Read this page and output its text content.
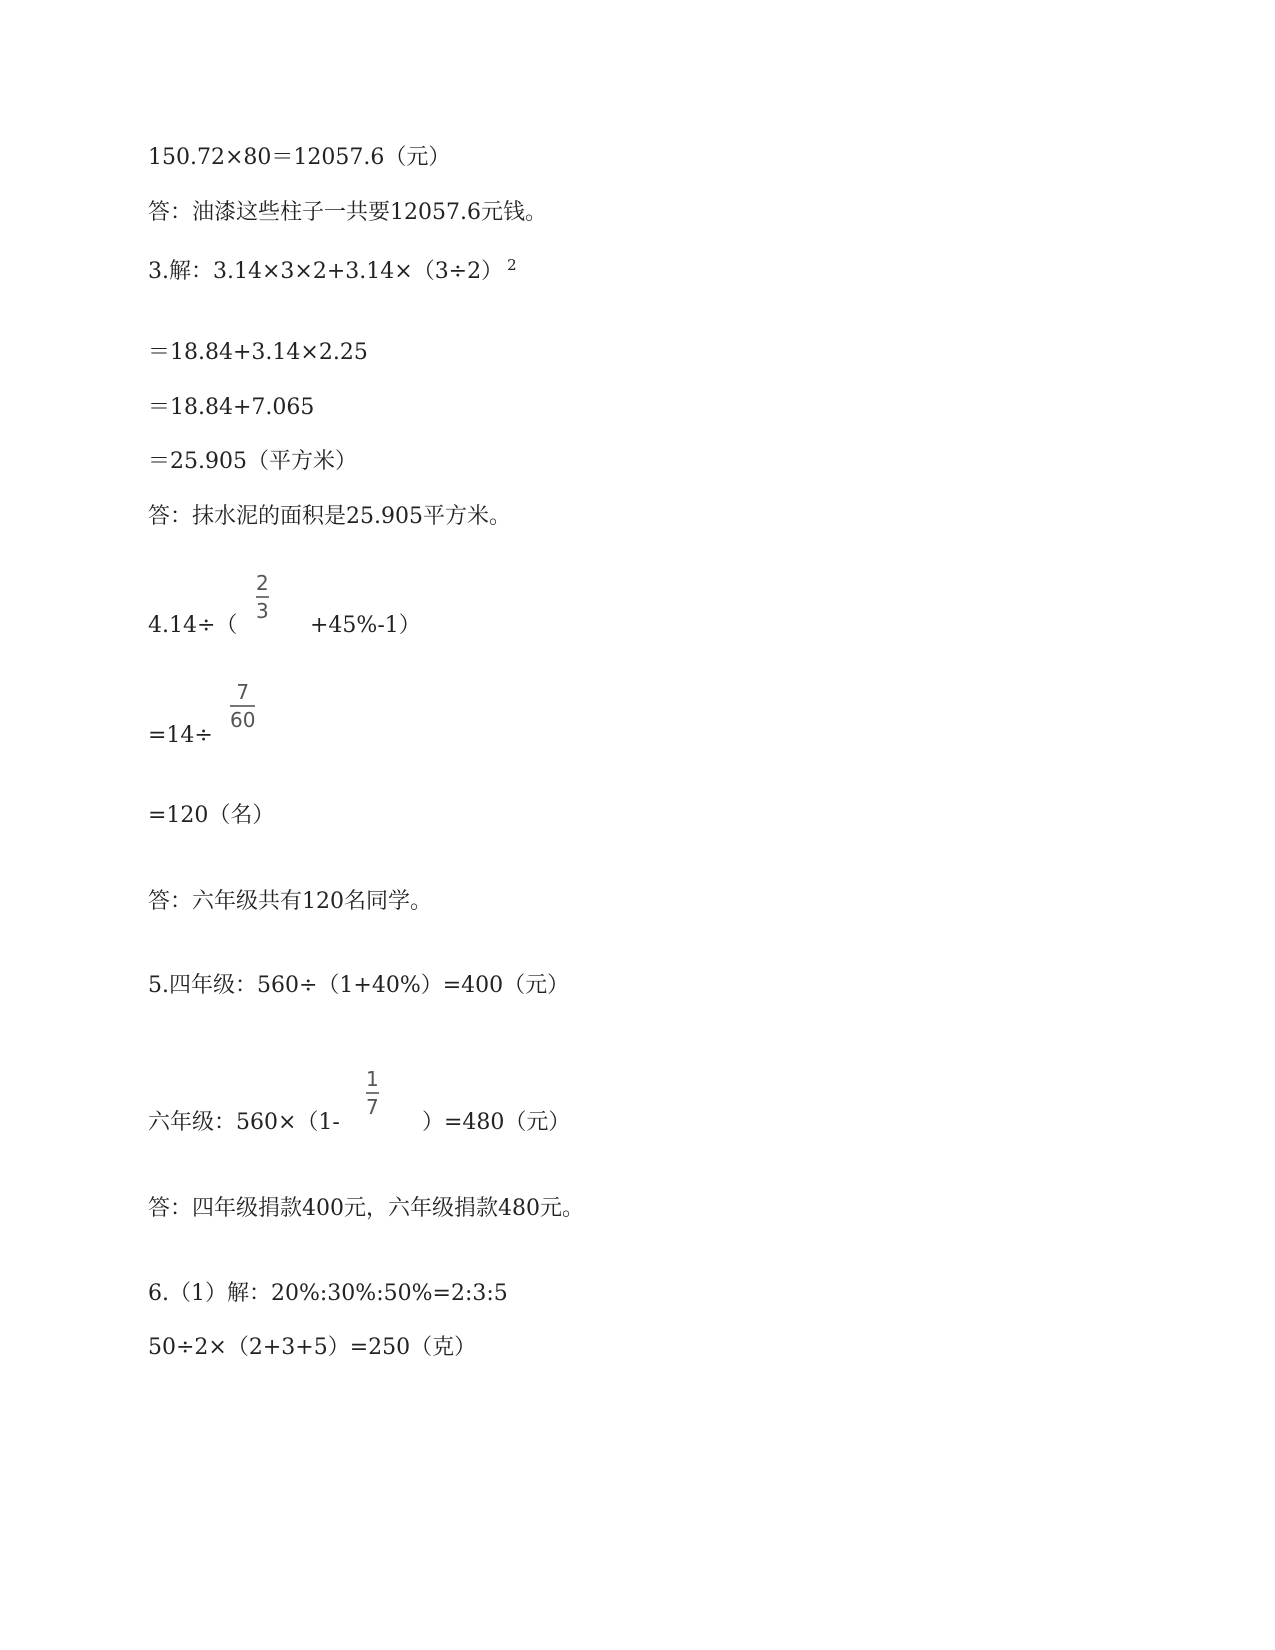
150.72×80＝12057.6（元）
答：油漆这些柱子一共要12057.6元钱。
3.解：3.14×3×2+3.14×（3÷2） $^2$
＝18.84+3.14×2.25
＝18.84+7.065
＝25.905（平方米）
答：抹水泥的面积是25.905平方米。
4.14÷（
2
3
+45%-1）
=14÷
7
60
=120（名）
答：六年级共有120名同学。
5.四年级：560÷（1+40%）=400（元）
六年级：560×（1-
1
7
）=480（元）
答：四年级捐款400元，六年级捐款480元。
6.（1）解：20%:30%:50%=2:3:5
50÷2×（2+3+5）=250（克）
